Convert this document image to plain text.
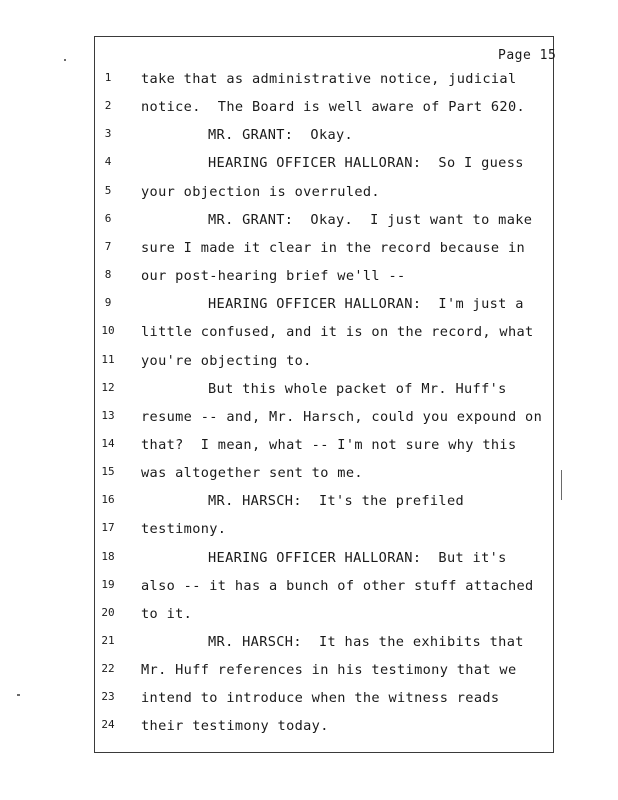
Page 15
1	take that as administrative notice, judicial
2	notice.  The Board is well aware of Part 620.
3	MR. GRANT:  Okay.
4	HEARING OFFICER HALLORAN:  So I guess
5	your objection is overruled.
6	MR. GRANT:  Okay.  I just want to make
7	sure I made it clear in the record because in
8	our post-hearing brief we'll --
9	HEARING OFFICER HALLORAN:  I'm just a
10	little confused, and it is on the record, what
11	you're objecting to.
12	But this whole packet of Mr. Huff's
13	resume -- and, Mr. Harsch, could you expound on
14	that?  I mean, what -- I'm not sure why this
15	was altogether sent to me.
16	MR. HARSCH:  It's the prefiled
17	testimony.
18	HEARING OFFICER HALLORAN:  But it's
19	also -- it has a bunch of other stuff attached
20	to it.
21	MR. HARSCH:  It has the exhibits that
22	Mr. Huff references in his testimony that we
23	intend to introduce when the witness reads
24	their testimony today.
